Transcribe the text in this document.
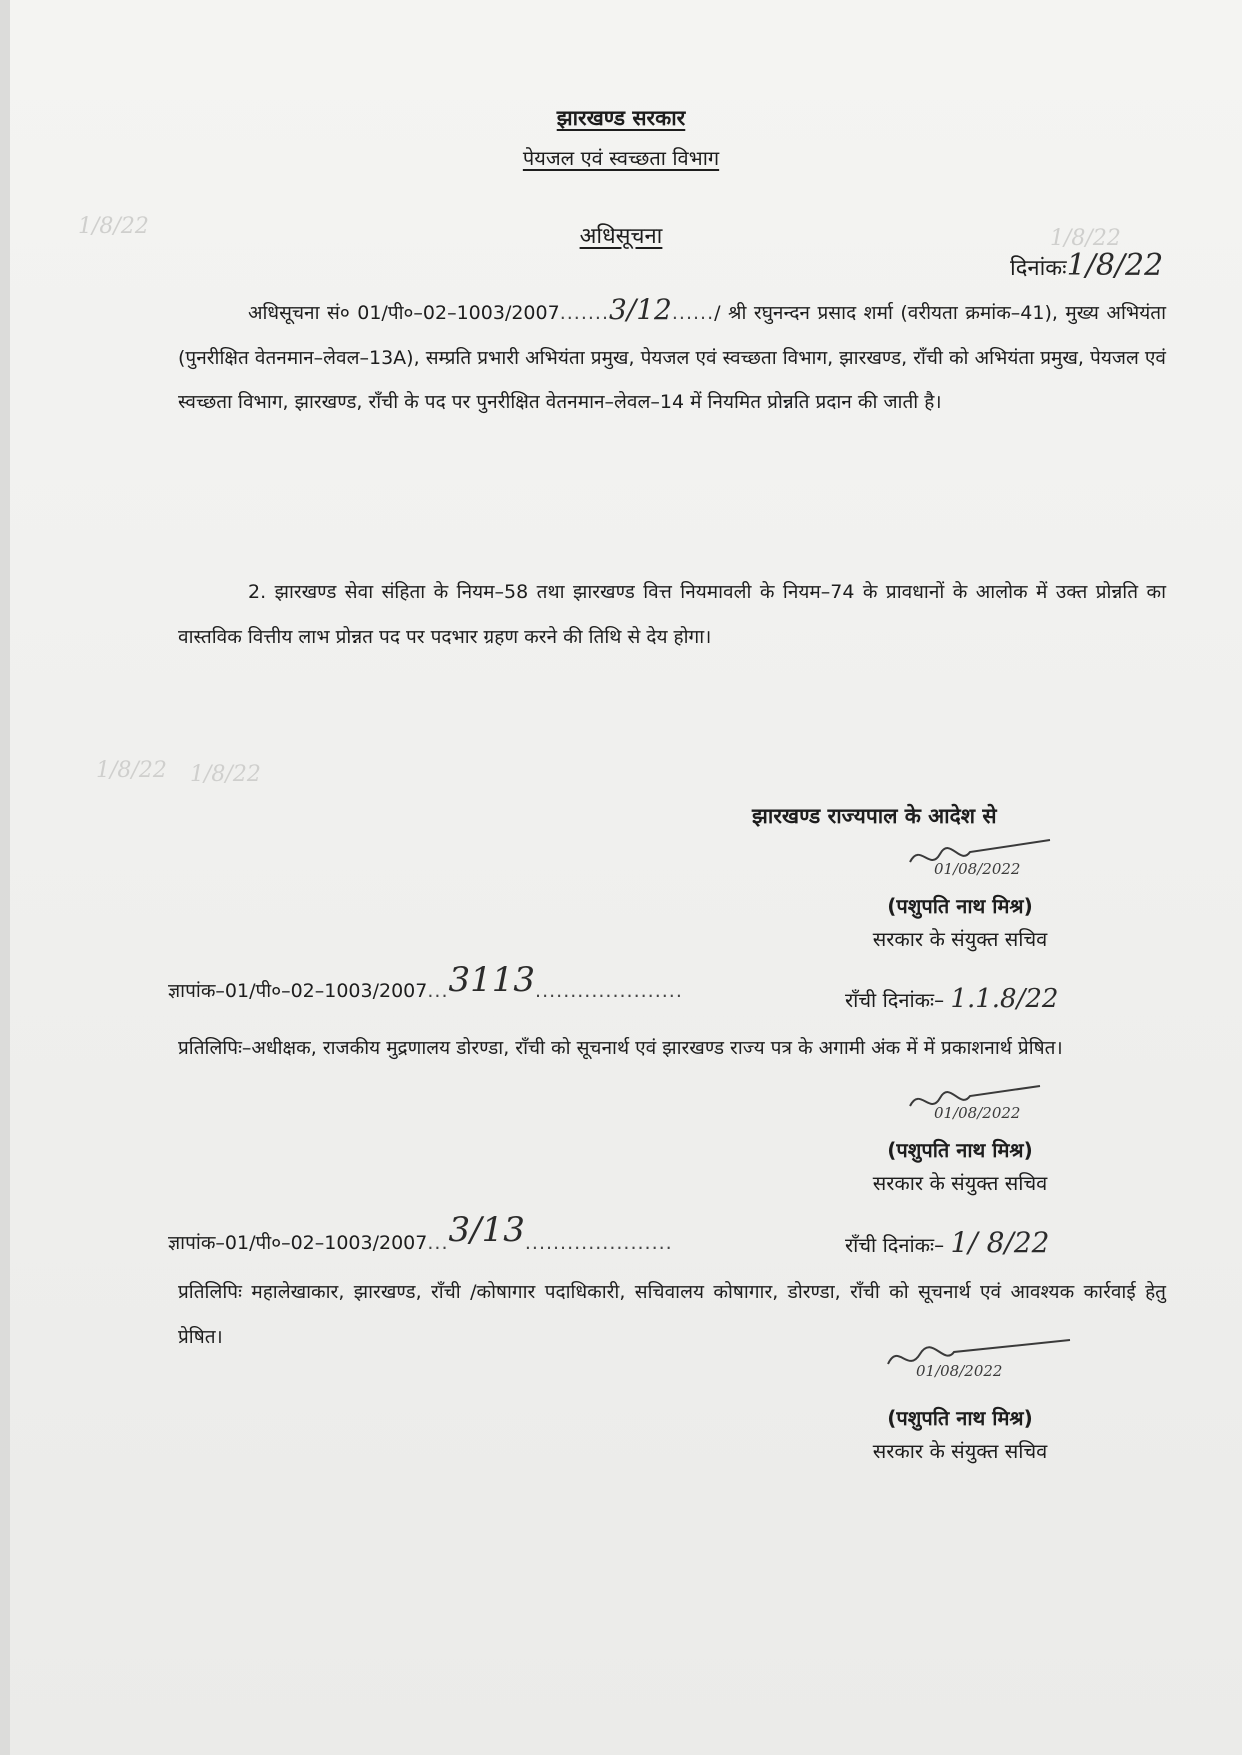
1/8/22	1/8/22
1/8/22 1/8/22
झारखण्ड सरकार
पेयजल एवं स्वच्छता विभाग
अधिसूचना
दिनांकः1/8/22
अधिसूचना सं० 01/पी०–02–1003/2007.......3/12....../ श्री रघुनन्दन प्रसाद शर्मा (वरीयता क्रमांक–41), मुख्य अभियंता (पुनरीक्षित वेतनमान–लेवल–13A), सम्प्रति प्रभारी अभियंता प्रमुख, पेयजल एवं स्वच्छता विभाग, झारखण्ड, राँची को अभियंता प्रमुख, पेयजल एवं स्वच्छता विभाग, झारखण्ड, राँची के पद पर पुनरीक्षित वेतनमान–लेवल–14 में नियमित प्रोन्नति प्रदान की जाती है।
2. झारखण्ड सेवा संहिता के नियम–58 तथा झारखण्ड वित्त नियमावली के नियम–74 के प्रावधानों के आलोक में उक्त प्रोन्नति का वास्तविक वित्तीय लाभ प्रोन्नत पद पर पदभार ग्रहण करने की तिथि से देय होगा।
झारखण्ड राज्यपाल के आदेश से
01/08/2022
(पशुपति नाथ मिश्र)
सरकार के संयुक्त सचिव
ज्ञापांक–01/पी०–02–1003/2007...3113.....................	राँची दिनांकः– 1.1.8/22
प्रतिलिपिः–अधीक्षक, राजकीय मुद्रणालय डोरण्डा, राँची को सूचनार्थ एवं झारखण्ड राज्य पत्र के अगामी अंक में में प्रकाशनार्थ प्रेषित।
01/08/2022
(पशुपति नाथ मिश्र)
सरकार के संयुक्त सचिव
ज्ञापांक–01/पी०–02–1003/2007...3/13.....................	राँची दिनांकः– 1/ 8/22
प्रतिलिपिः महालेखाकार, झारखण्ड, राँची /कोषागार पदाधिकारी, सचिवालय कोषागार, डोरण्डा, राँची को सूचनार्थ एवं आवश्यक कार्रवाई हेतु प्रेषित।
01/08/2022
(पशुपति नाथ मिश्र)
सरकार के संयुक्त सचिव
